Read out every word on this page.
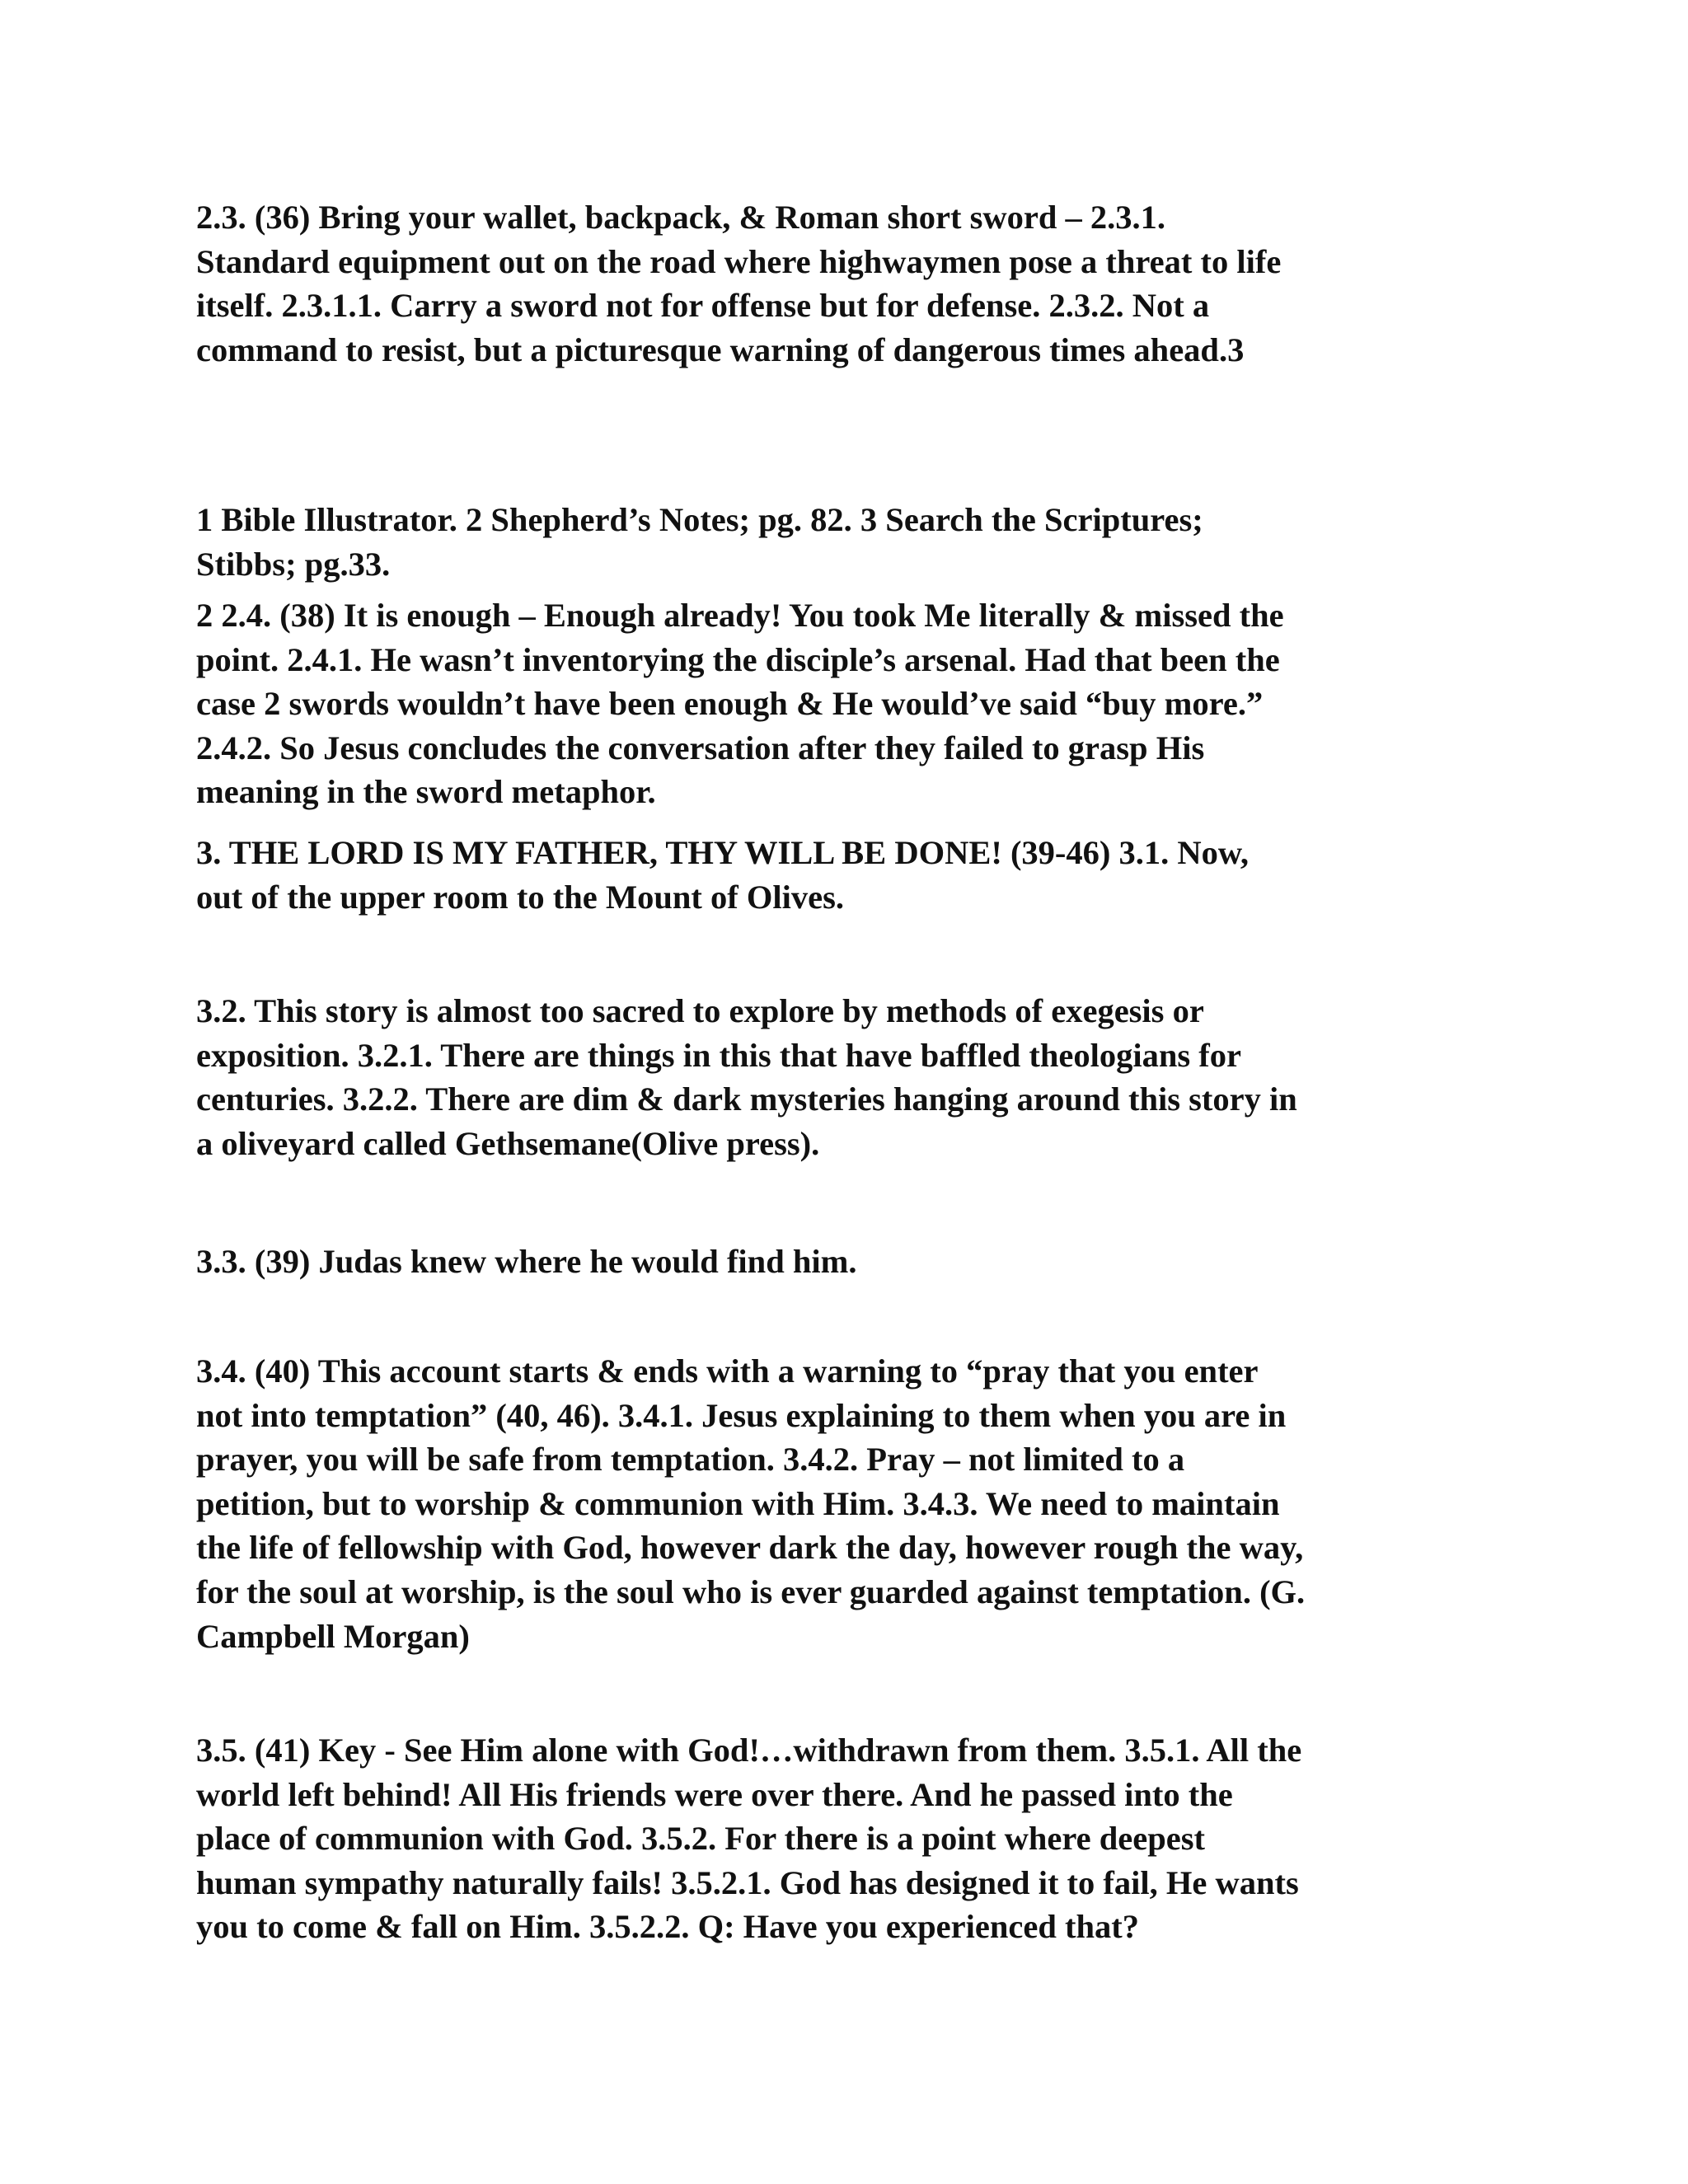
2.3. (36) Bring your wallet, backpack, & Roman short sword – 2.3.1.
Standard equipment out on the road where highwaymen pose a threat to life
itself. 2.3.1.1. Carry a sword not for offense but for defense. 2.3.2. Not a
command to resist, but a picturesque warning of dangerous times ahead.3
1 Bible Illustrator. 2 Shepherd’s Notes; pg. 82. 3 Search the Scriptures;
Stibbs; pg.33.
2 2.4. (38) It is enough – Enough already! You took Me literally & missed the
point. 2.4.1. He wasn’t inventorying the disciple’s arsenal. Had that been the
case 2 swords wouldn’t have been enough & He would’ve said “buy more.”
2.4.2. So Jesus concludes the conversation after they failed to grasp His
meaning in the sword metaphor.
3. THE LORD IS MY FATHER, THY WILL BE DONE! (39-46) 3.1. Now,
out of the upper room to the Mount of Olives.
3.2. This story is almost too sacred to explore by methods of exegesis or
exposition. 3.2.1. There are things in this that have baffled theologians for
centuries. 3.2.2. There are dim & dark mysteries hanging around this story in
a oliveyard called Gethsemane(Olive press).
3.3. (39) Judas knew where he would find him.
3.4. (40) This account starts & ends with a warning to “pray that you enter
not into temptation” (40, 46). 3.4.1. Jesus explaining to them when you are in
prayer, you will be safe from temptation. 3.4.2. Pray – not limited to a
petition, but to worship & communion with Him. 3.4.3. We need to maintain
the life of fellowship with God, however dark the day, however rough the way,
for the soul at worship, is the soul who is ever guarded against temptation. (G.
Campbell Morgan)
3.5. (41) Key - See Him alone with God!…withdrawn from them. 3.5.1. All the
world left behind! All His friends were over there. And he passed into the
place of communion with God. 3.5.2. For there is a point where deepest
human sympathy naturally fails! 3.5.2.1. God has designed it to fail, He wants
you to come & fall on Him. 3.5.2.2. Q: Have you experienced that?
